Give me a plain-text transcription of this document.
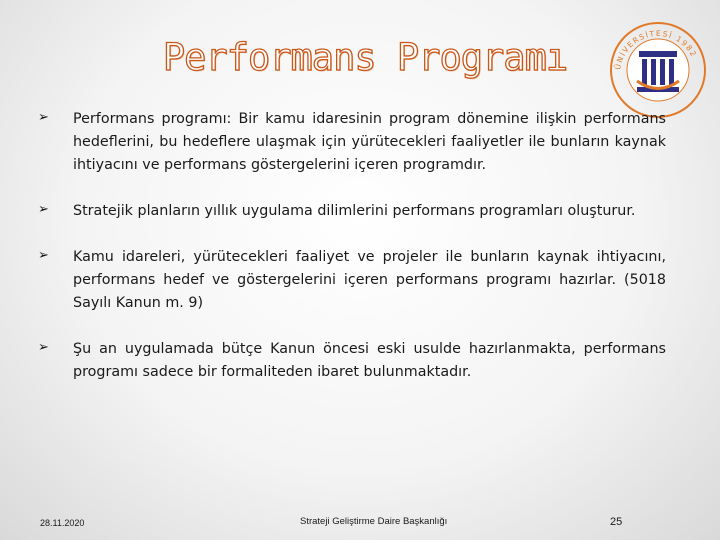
Performans Programı	ÜNİVERSİTESİ 1982
➢	Performans programı: Bir kamu idaresinin program dönemine ilişkin performans hedeflerini, bu hedeflere ulaşmak için yürütecekleri faaliyetler ile bunların kaynak ihtiyacını ve performans göstergelerini içeren programdır.
➢	Stratejik planların yıllık uygulama dilimlerini performans programları oluşturur.
➢	Kamu idareleri, yürütecekleri faaliyet ve projeler ile bunların kaynak ihtiyacını, performans hedef ve göstergelerini içeren performans programı hazırlar. (5018 Sayılı Kanun m. 9)
➢	Şu an uygulamada bütçe Kanun öncesi eski usulde hazırlanmakta, performans programı sadece bir formaliteden ibaret bulunmaktadır.
28.11.2020	Strateji Geliştirme Daire Başkanlığı	25
